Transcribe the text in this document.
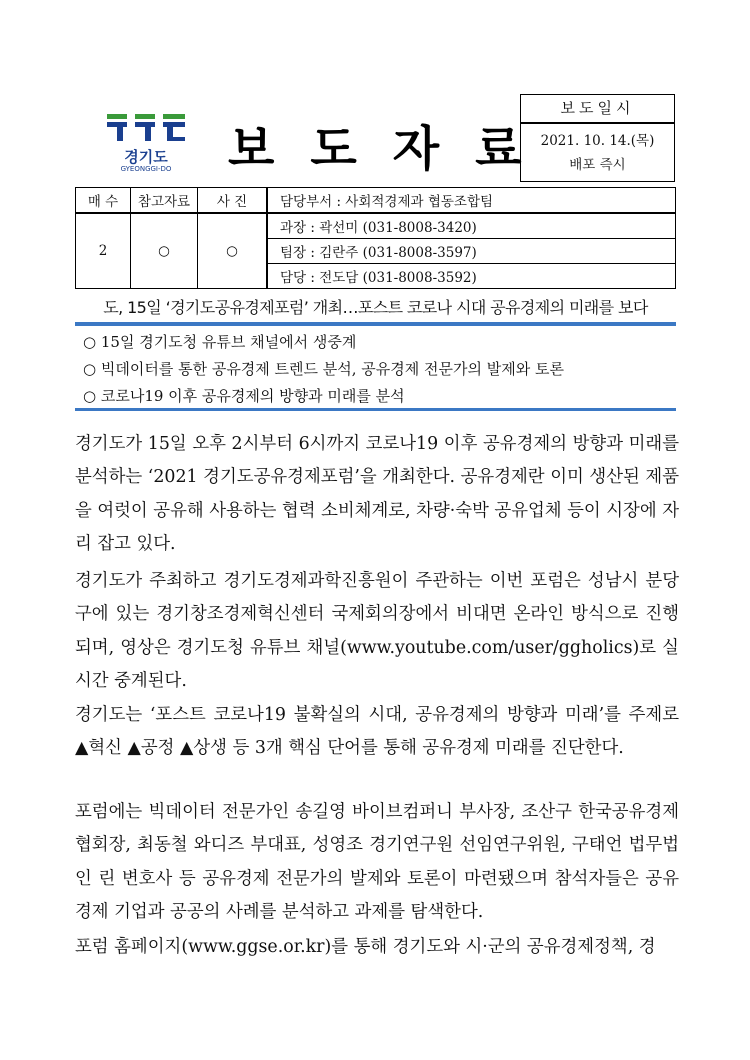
경기도
GYEONGGI-DO	보도자료
보도일시
2021. 10. 14.(목)
배포 즉시
매 수	참고자료	사 진	담당부서 : 사회적경제과 협동조합팀
2	○	○	과장 : 곽선미 (031-8008-3420)
			팀장 : 김란주 (031-8008-3597)
			담당 : 전도담 (031-8008-3592)
도, 15일 ‘경기도공유경제포럼’ 개최…포스트 코로나 시대 공유경제의 미래를 보다
○ 15일 경기도청 유튜브 채널에서 생중계
○ 빅데이터를 통한 공유경제 트렌드 분석, 공유경제 전문가의 발제와 토론
○ 코로나19 이후 공유경제의 방향과 미래를 분석
경기도가 15일 오후 2시부터 6시까지 코로나19 이후 공유경제의 방향과 미래를 분석하는 ‘2021 경기도공유경제포럼’을 개최한다. 공유경제란 이미 생산된 제품을 여럿이 공유해 사용하는 협력 소비체계로, 차량·숙박 공유업체 등이 시장에 자리 잡고 있다.
경기도가 주최하고 경기도경제과학진흥원이 주관하는 이번 포럼은 성남시 분당구에 있는 경기창조경제혁신센터 국제회의장에서 비대면 온라인 방식으로 진행되며, 영상은 경기도청 유튜브 채널(www.youtube.com/user/ggholics)로 실시간 중계된다.
경기도는 ‘포스트 코로나19 불확실의 시대, 공유경제의 방향과 미래’를 주제로 ▲혁신 ▲공정 ▲상생 등 3개 핵심 단어를 통해 공유경제 미래를 진단한다.
포럼에는 빅데이터 전문가인 송길영 바이브컴퍼니 부사장, 조산구 한국공유경제협회장, 최동철 와디즈 부대표, 성영조 경기연구원 선임연구위원, 구태언 법무법인 린 변호사 등 공유경제 전문가의 발제와 토론이 마련됐으며 참석자들은 공유경제 기업과 공공의 사례를 분석하고 과제를 탐색한다.
포럼 홈페이지(www.ggse.or.kr)를 통해 경기도와 시·군의 공유경제정책, 경
